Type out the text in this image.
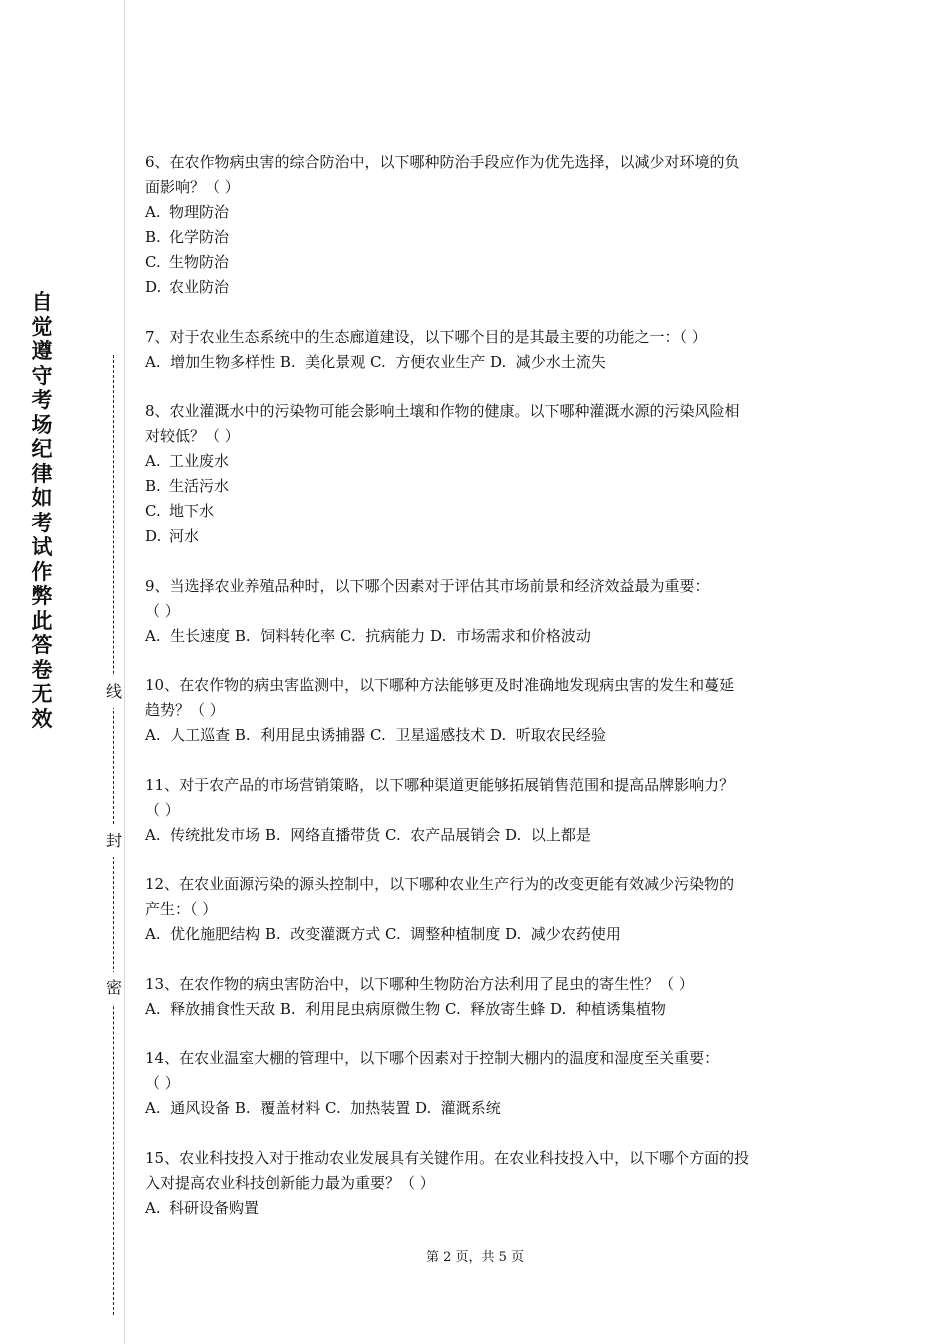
自觉遵守考场纪律如考试作弊此答卷无效
线
封
密
6、在农作物病虫害的综合防治中，以下哪种防治手段应作为优先选择，以减少对环境的负
面影响？（ ）
A. 物理防治
B. 化学防治
C. 生物防治
D. 农业防治
7、对于农业生态系统中的生态廊道建设，以下哪个目的是其最主要的功能之一：（ ）
A.  增加生物多样性 B.  美化景观 C.  方便农业生产 D.  减少水土流失
8、农业灌溉水中的污染物可能会影响土壤和作物的健康。以下哪种灌溉水源的污染风险相
对较低？（ ）
A. 工业废水
B. 生活污水
C. 地下水
D. 河水
9、当选择农业养殖品种时，以下哪个因素对于评估其市场前景和经济效益最为重要：
（ ）
A.  生长速度 B.  饲料转化率 C.  抗病能力 D.  市场需求和价格波动
10、在农作物的病虫害监测中，以下哪种方法能够更及时准确地发现病虫害的发生和蔓延
趋势？（ ）
A.  人工巡查 B.  利用昆虫诱捕器 C.  卫星遥感技术 D.  听取农民经验
11、对于农产品的市场营销策略，以下哪种渠道更能够拓展销售范围和提高品牌影响力？
（ ）
A.  传统批发市场 B.  网络直播带货 C.  农产品展销会 D.  以上都是
12、在农业面源污染的源头控制中，以下哪种农业生产行为的改变更能有效减少污染物的
产生：（ ）
A.  优化施肥结构 B.  改变灌溉方式 C.  调整种植制度 D.  减少农药使用
13、在农作物的病虫害防治中，以下哪种生物防治方法利用了昆虫的寄生性？（ ）
A.  释放捕食性天敌 B.  利用昆虫病原微生物 C.  释放寄生蜂 D.  种植诱集植物
14、在农业温室大棚的管理中，以下哪个因素对于控制大棚内的温度和湿度至关重要：
（ ）
A.  通风设备 B.  覆盖材料 C.  加热装置 D.  灌溉系统
15、农业科技投入对于推动农业发展具有关键作用。在农业科技投入中，以下哪个方面的投
入对提高农业科技创新能力最为重要？（ ）
A. 科研设备购置
第 2 页，共 5 页
